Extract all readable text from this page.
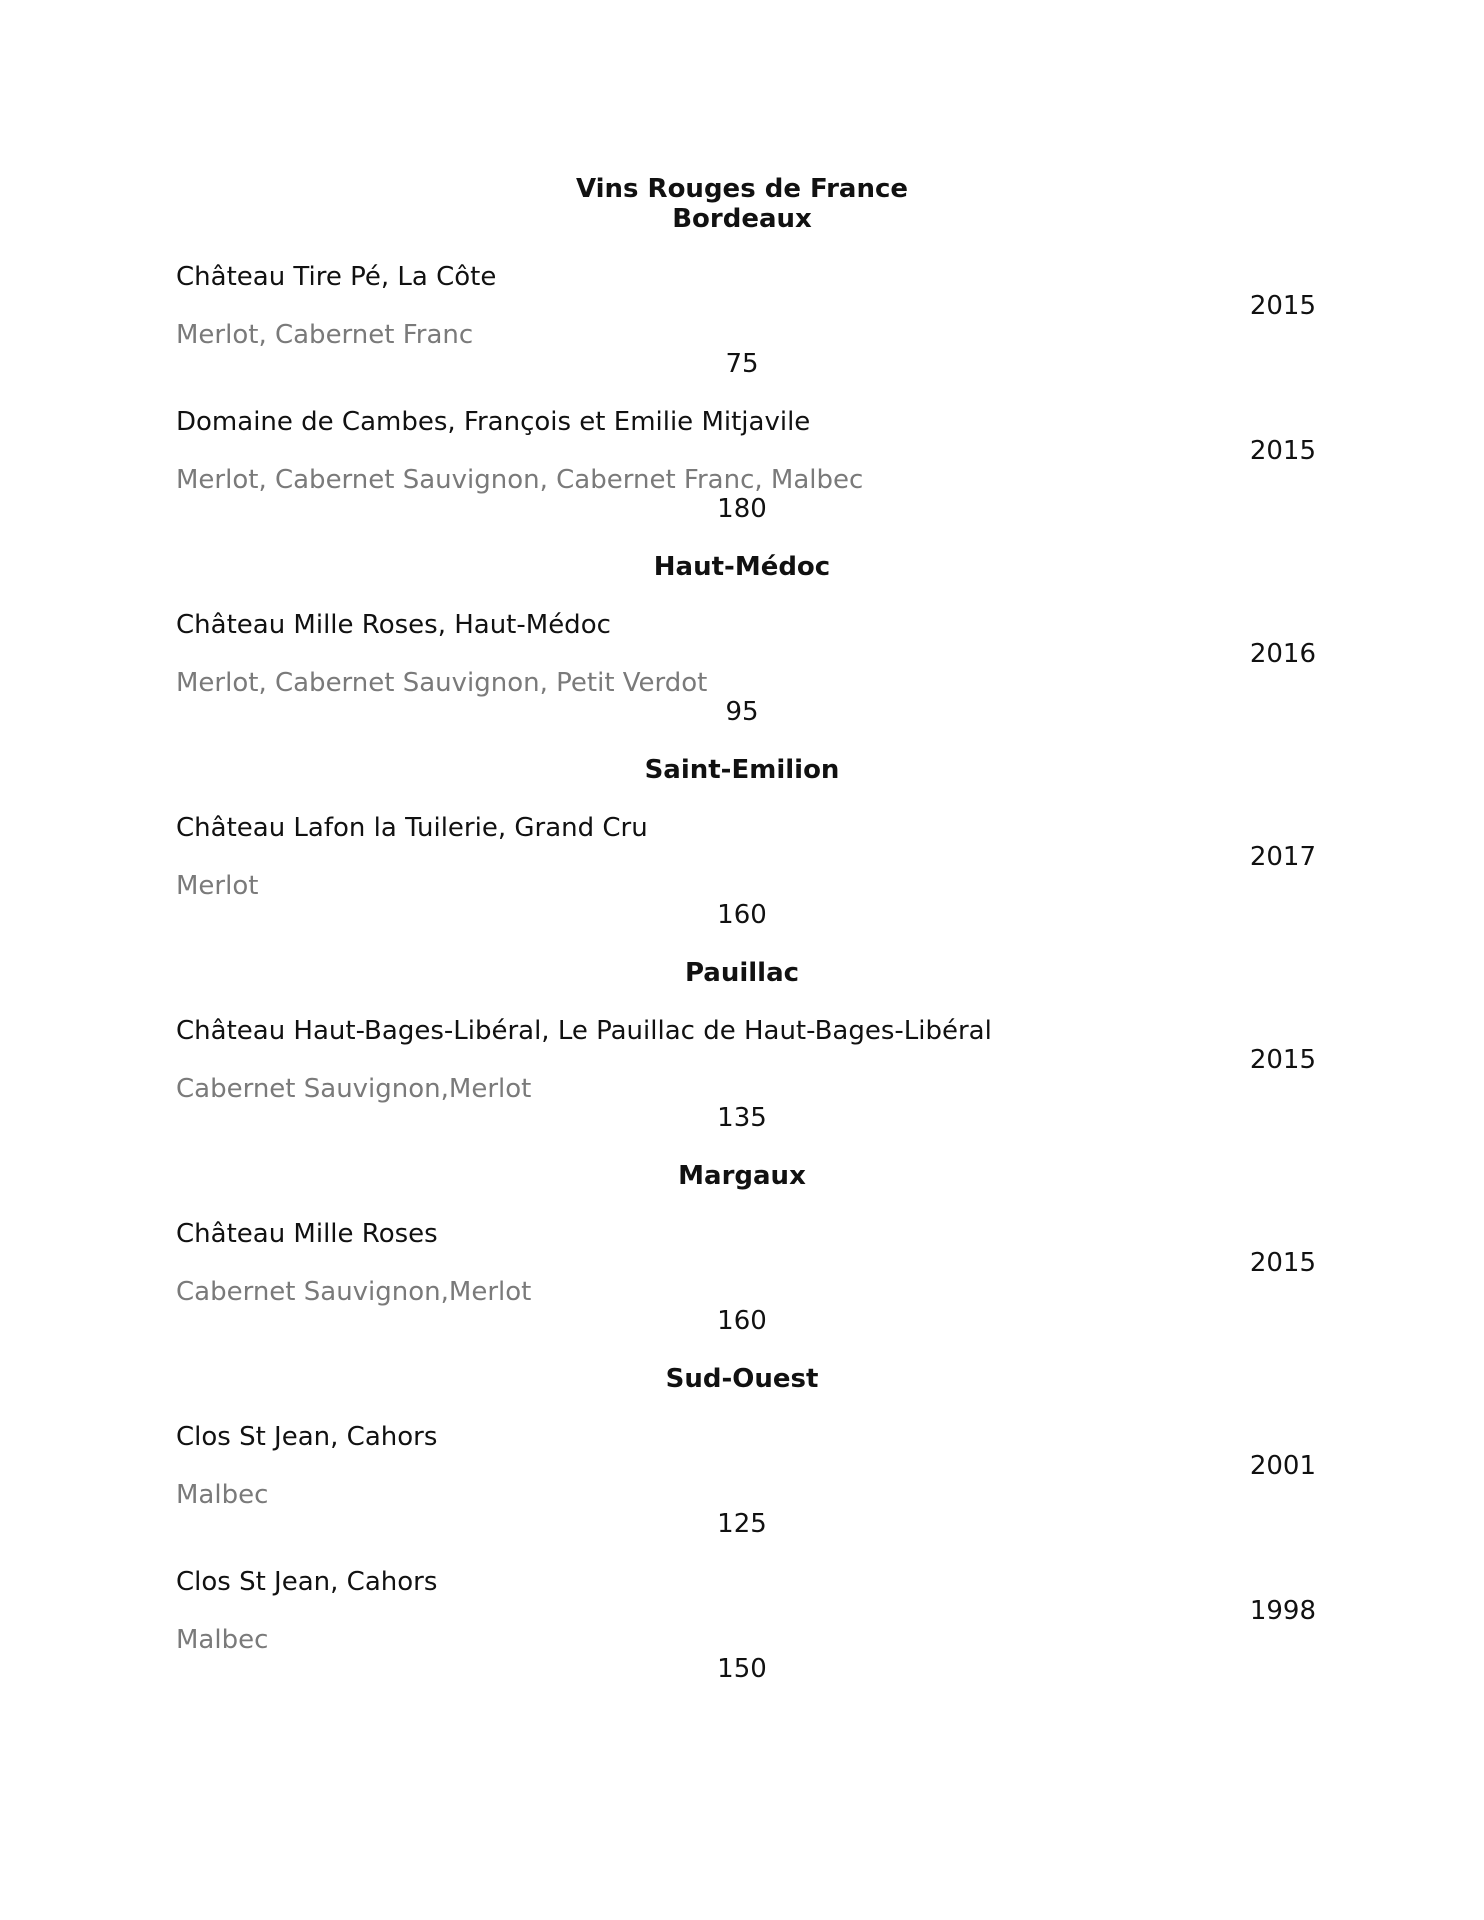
Vins Rouges de France
Bordeaux
Château Tire Pé, La Côte
2015
Merlot, Cabernet Franc
75
Domaine de Cambes, François et Emilie Mitjavile
2015
Merlot, Cabernet Sauvignon, Cabernet Franc, Malbec
180
Haut-Médoc
Château Mille Roses, Haut-Médoc
2016
Merlot, Cabernet Sauvignon, Petit Verdot
95
Saint-Emilion
Château Lafon la Tuilerie, Grand Cru
2017
Merlot
160
Pauillac
Château Haut-Bages-Libéral, Le Pauillac de Haut-Bages-Libéral
2015
Cabernet Sauvignon,Merlot
135
Margaux
Château Mille Roses
2015
Cabernet Sauvignon,Merlot
160
Sud-Ouest
Clos St Jean, Cahors
2001
Malbec
125
Clos St Jean, Cahors
1998
Malbec
150
